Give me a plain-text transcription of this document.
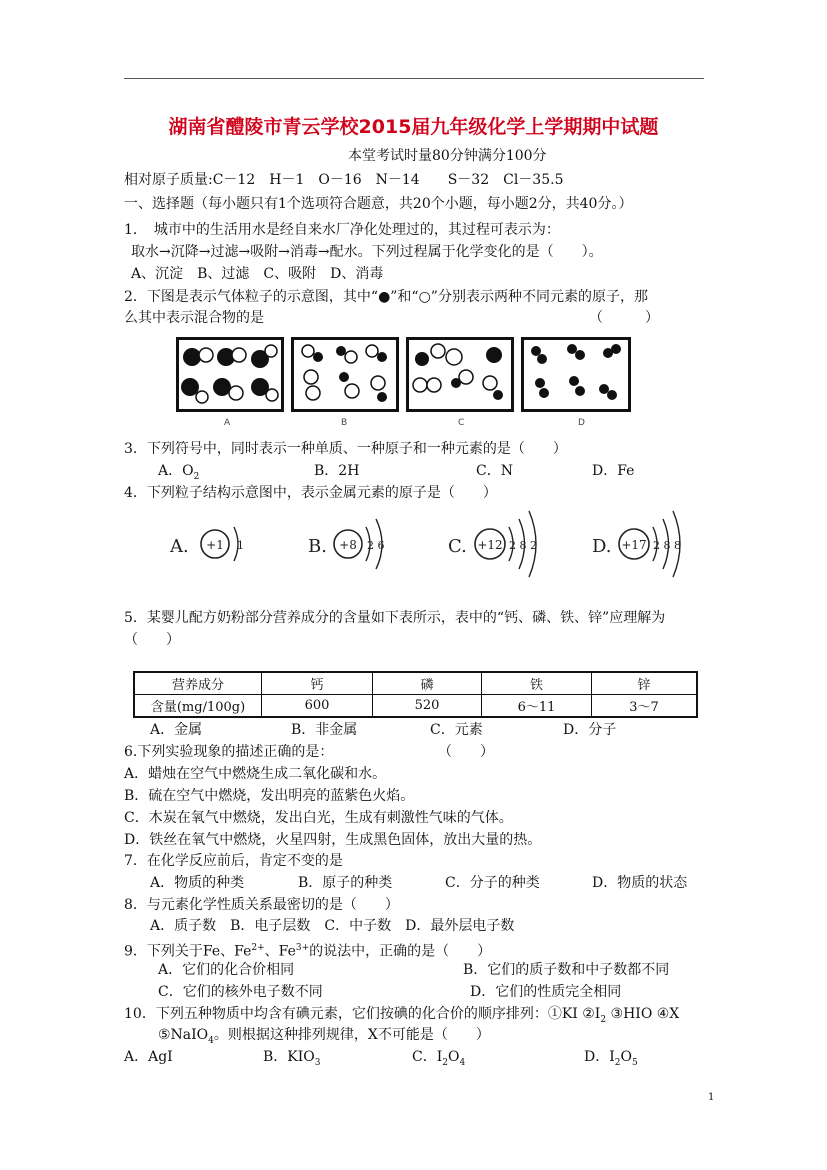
湖南省醴陵市青云学校2015届九年级化学上学期期中试题
本堂考试时量80分钟满分100分
相对原子质量:C－12　H－1　O－16　N－14　　S－32　Cl－35.5
一、选择题（每小题只有1个选项符合题意，共20个小题，每小题2分，共40分。）
1．　城市中的生活用水是经自来水厂净化处理过的，其过程可表示为：
取水→沉降→过滤→吸附→消毒→配水。下列过程属于化学变化的是（　　）。
A、沉淀　B、过滤　C、吸附　D、消毒
2．下图是表示气体粒子的示意图，其中“●”和“○”分别表示两种不同元素的原子，那
么其中表示混合物的是	（　　　）
A	B	C	D
3．下列符号中，同时表示一种单质、一种原子和一种元素的是（　　）
A．$O_2$	B．2H	C．N	D．Fe
4．下列粒子结构示意图中，表示金属元素的原子是（　　）
A. +1 1	B. +8 2 6	C. +12 2 8 2	D. +17 2 8 8
5．某婴儿配方奶粉部分营养成分的含量如下表所示，表中的“钙、磷、铁、锌”应理解为
（　　）
营养成分	钙	磷	铁	锌
含量(mg/100g)	600	520	6～11	3～7
A．金属	B．非金属	C．元素	D．分子
6.下列实验现象的描述正确的是：	（　　）
A．蜡烛在空气中燃烧生成二氧化碳和水。
B．硫在空气中燃烧，发出明亮的蓝紫色火焰。
C．木炭在氧气中燃烧，发出白光，生成有刺激性气味的气体。
D．铁丝在氧气中燃烧，火星四射，生成黑色固体，放出大量的热。
7．在化学反应前后，肯定不变的是
A．物质的种类	B．原子的种类	C．分子的种类	D．物质的状态
8．与元素化学性质关系最密切的是（　　）
A．质子数　B．电子层数　C．中子数　D．最外层电子数
9．下列关于Fe、$Fe^{2+}$、$Fe^{3+}$的说法中，正确的是（　　）
A．它们的化合价相同	B．它们的质子数和中子数都不同
C．它们的核外电子数不同	D．它们的性质完全相同
10．下列五种物质中均含有碘元素，它们按碘的化合价的顺序排列：①KI $②I_2$ ③HIO ④X
⑤NaIO$_4$。则根据这种排列规律，X不可能是（　　）
A．AgI	B．$KIO_3$	C．$I_2O_4$	D．$I_2O_5$
1
